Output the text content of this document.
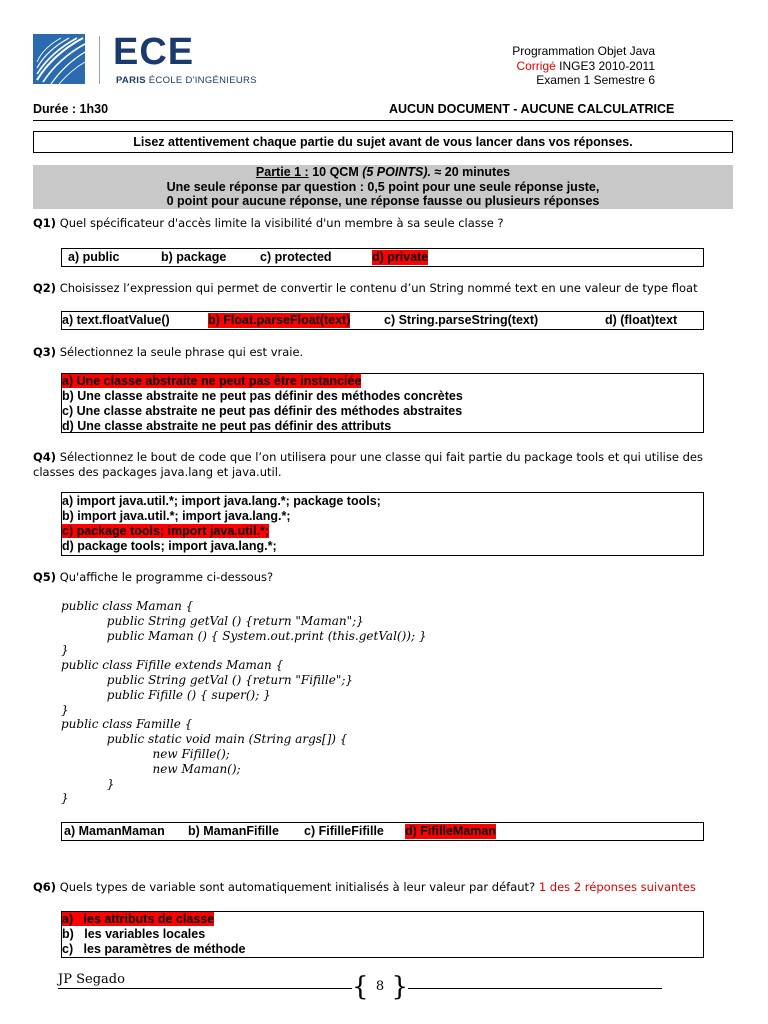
ECE
PARIS ÉCOLE D'INGÉNIEURS
Programmation Objet Java
Corrigé INGE3 2010-2011
Examen 1 Semestre 6
Durée : 1h30	AUCUN DOCUMENT - AUCUNE CALCULATRICE
Lisez attentivement chaque partie du sujet avant de vous lancer dans vos réponses.
Partie 1 : 10 QCM (5 POINTS). ≈ 20 minutes
Une seule réponse par question : 0,5 point pour une seule réponse juste,
0 point pour aucune réponse, une réponse fausse ou plusieurs réponses
Q1) Quel spécificateur d'accès limite la visibilité d'un membre à sa seule classe ?
a) public	b) package	c) protected	d) private
Q2) Choisissez l’expression qui permet de convertir le contenu d’un String nommé text en une valeur de type float
a) text.floatValue()	b) Float.parseFloat(text)	c) String.parseString(text)	d) (float)text
Q3) Sélectionnez la seule phrase qui est vraie.
a) Une classe abstraite ne peut pas être instanciée
b) Une classe abstraite ne peut pas définir des méthodes concrètes
c) Une classe abstraite ne peut pas définir des méthodes abstraites
d) Une classe abstraite ne peut pas définir des attributs
Q4) Sélectionnez le bout de code que l’on utilisera pour une classe qui fait partie du package tools et qui utilise des
classes des packages java.lang et java.util.
a) import java.util.*; import java.lang.*; package tools;
b) import java.util.*; import java.lang.*;
c) package tools; import java.util.*;
d) package tools; import java.lang.*;
Q5) Qu'affiche le programme ci-dessous?
public class Maman {
public String getVal () {return "Maman";}
public Maman () { System.out.print (this.getVal()); }
}
public class Fifille extends Maman {
public String getVal () {return "Fifille";}
public Fifille () { super(); }
}
public class Famille {
public static void main (String args[]) {
new Fifille();
new Maman();
}
}
a) MamanMaman b) MamanFifille c) FifilleFifille d) FifilleMaman
Q6) Quels types de variable sont automatiquement initialisés à leur valeur par défaut? 1 des 2 réponses suivantes
a) les attributs de classe
b) les variables locales
c) les paramètres de méthode
JP Segado	{ 8 }
